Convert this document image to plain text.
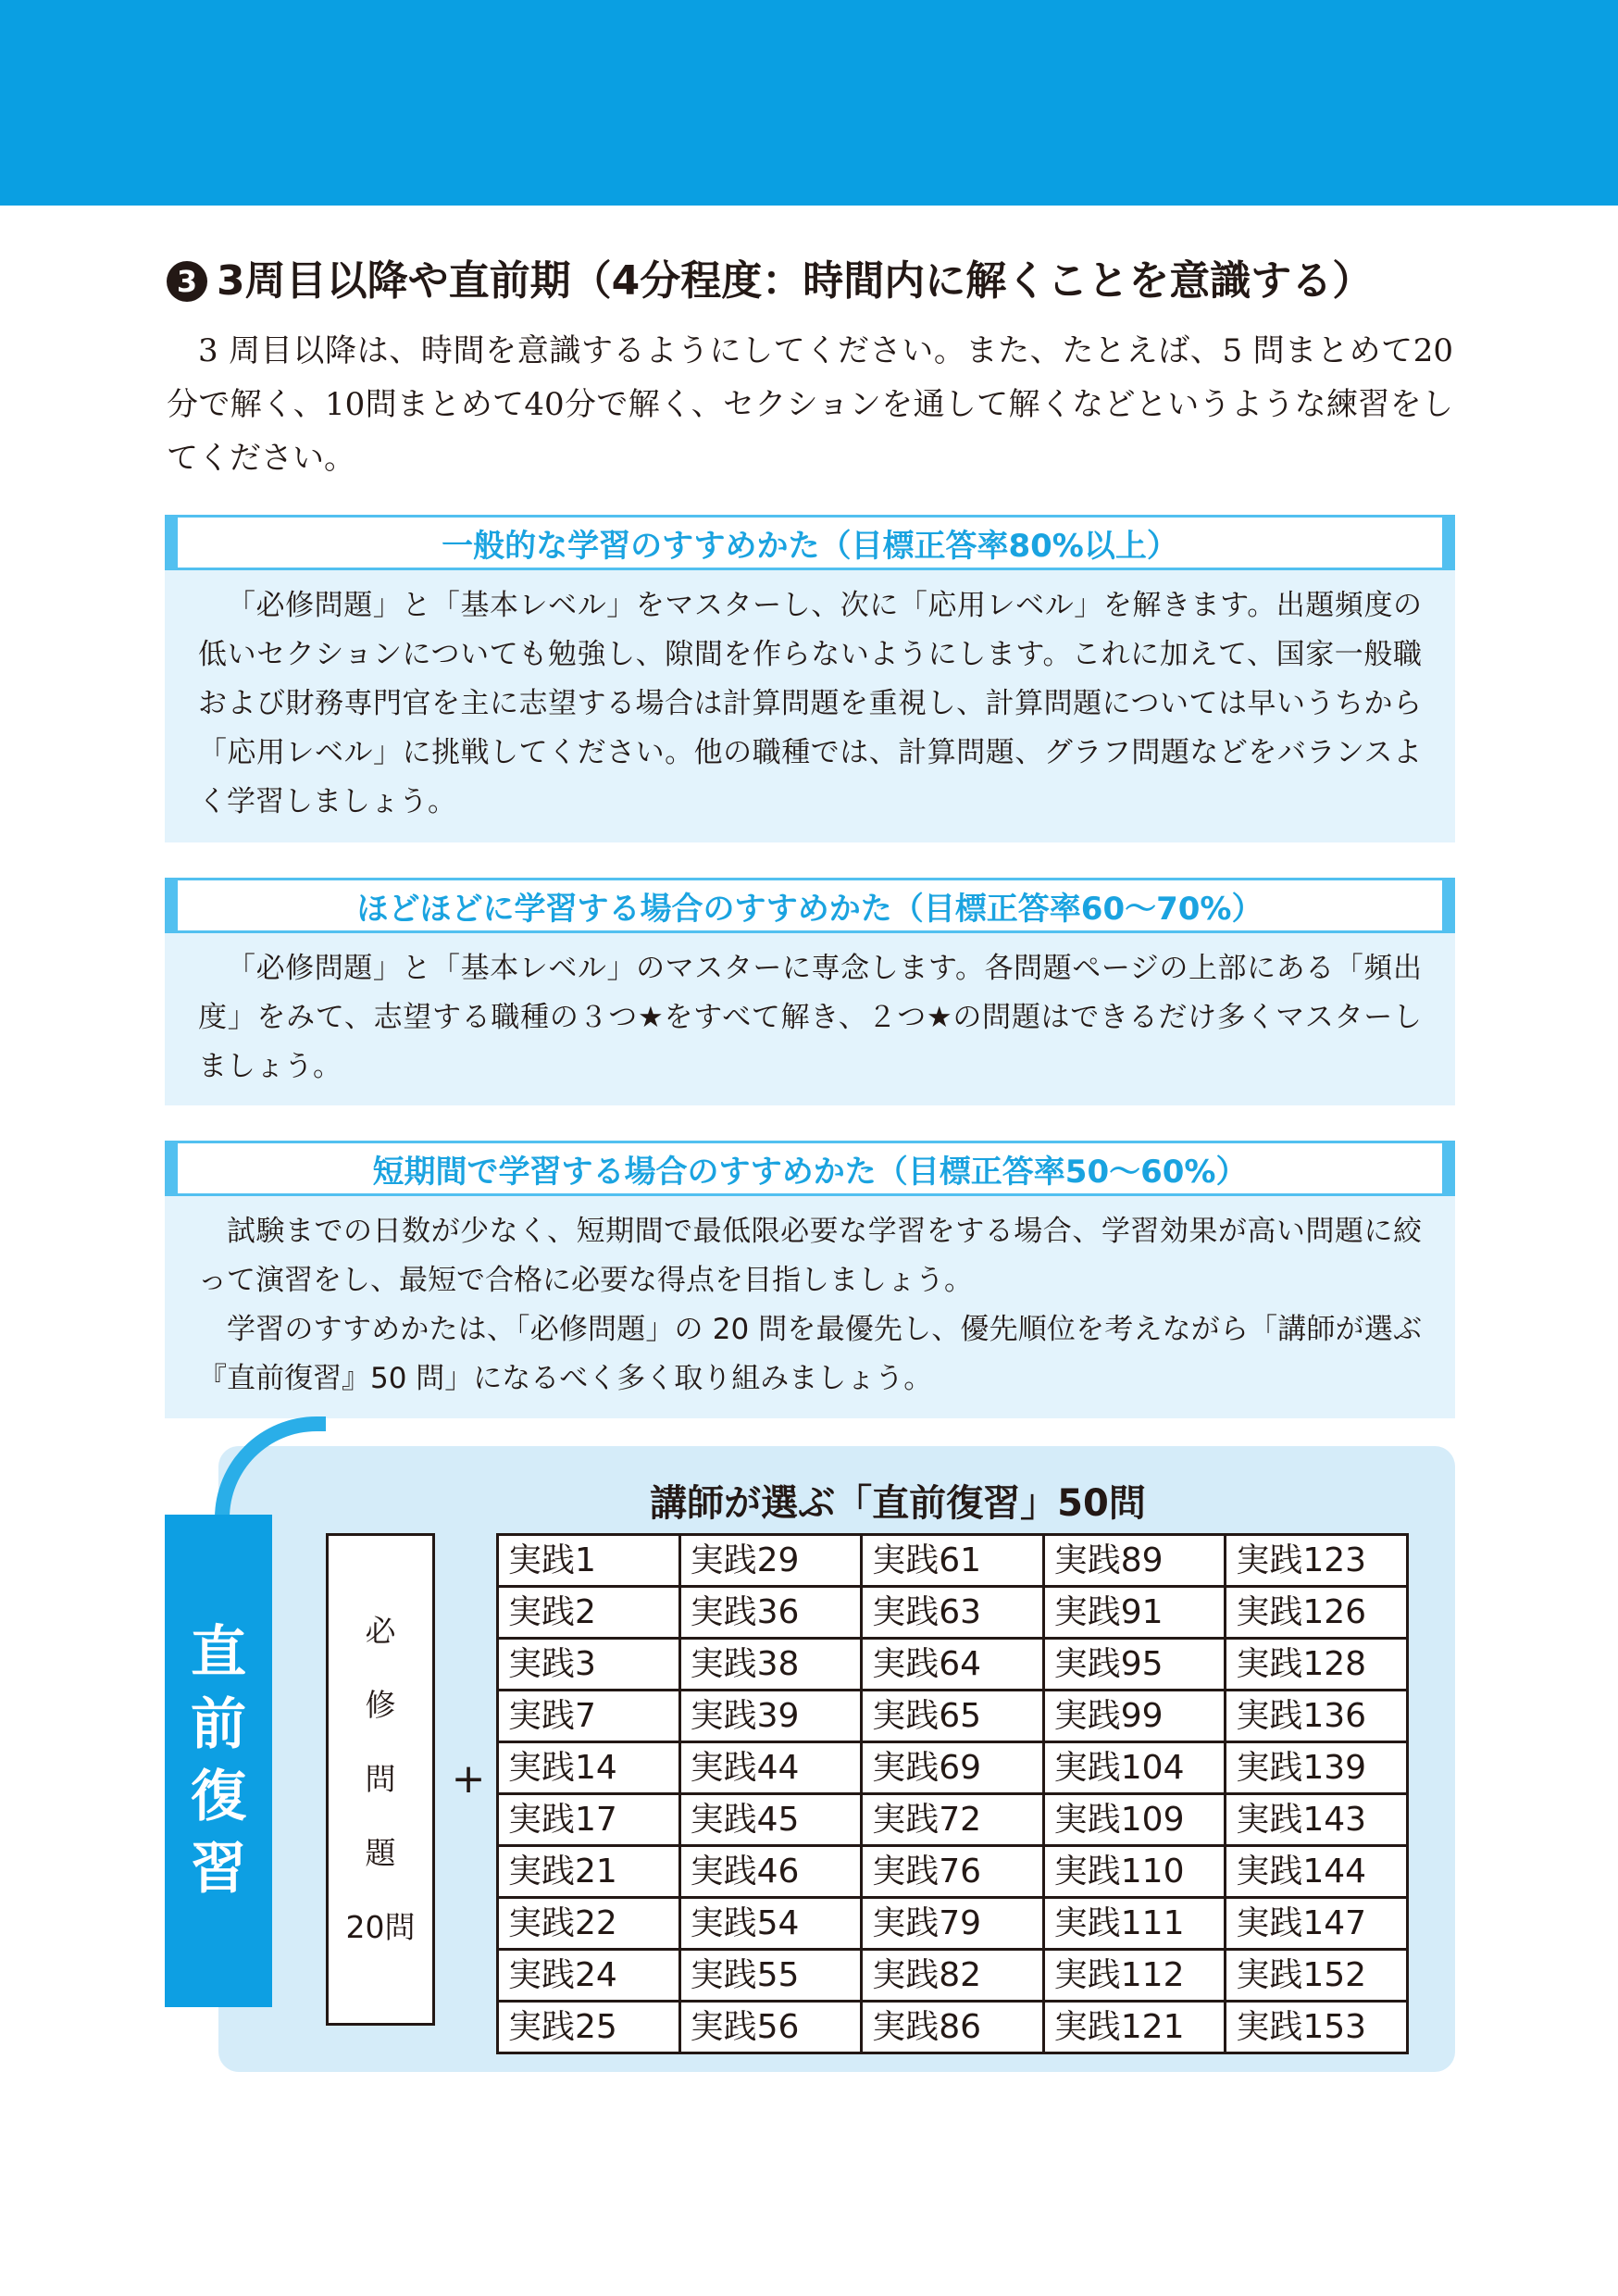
3 3周目以降や直前期（4分程度：時間内に解くことを意識する）

3 周目以降は、時間を意識するようにしてください。また、たとえば、5 問まとめて20分で解く、10問まとめて40分で解く、セクションを通して解くなどというような練習をしてください。

一般的な学習のすすめかた（目標正答率80%以上）

「必修問題」と「基本レベル」をマスターし、次に「応用レベル」を解きます。出題頻度の低いセクションについても勉強し、隙間を作らないようにします。これに加えて、国家一般職および財務専門官を主に志望する場合は計算問題を重視し、計算問題については早いうちから「応用レベル」に挑戦してください。他の職種では、計算問題、グラフ問題などをバランスよく学習しましょう。

ほどほどに学習する場合のすすめかた（目標正答率60～70%）

「必修問題」と「基本レベル」のマスターに専念します。各問題ページの上部にある「頻出度」をみて、志望する職種の３つ★をすべて解き、２つ★の問題はできるだけ多くマスターしましょう。

短期間で学習する場合のすすめかた（目標正答率50～60%）

試験までの日数が少なく、短期間で最低限必要な学習をする場合、学習効果が高い問題に絞って演習をし、最短で合格に必要な得点を目指しましょう。

学習のすすめかたは、「必修問題」の 20 問を最優先し、優先順位を考えながら「講師が選ぶ『直前復習』50 問」になるべく多く取り組みましょう。

直
前
復
習
講師が選ぶ「直前復習」50問
必
修
問
題
20問
+
実践1	実践29	実践61	実践89	実践123
実践2	実践36	実践63	実践91	実践126
実践3	実践38	実践64	実践95	実践128
実践7	実践39	実践65	実践99	実践136
実践14	実践44	実践69	実践104	実践139
実践17	実践45	実践72	実践109	実践143
実践21	実践46	実践76	実践110	実践144
実践22	実践54	実践79	実践111	実践147
実践24	実践55	実践82	実践112	実践152
実践25	実践56	実践86	実践121	実践153
